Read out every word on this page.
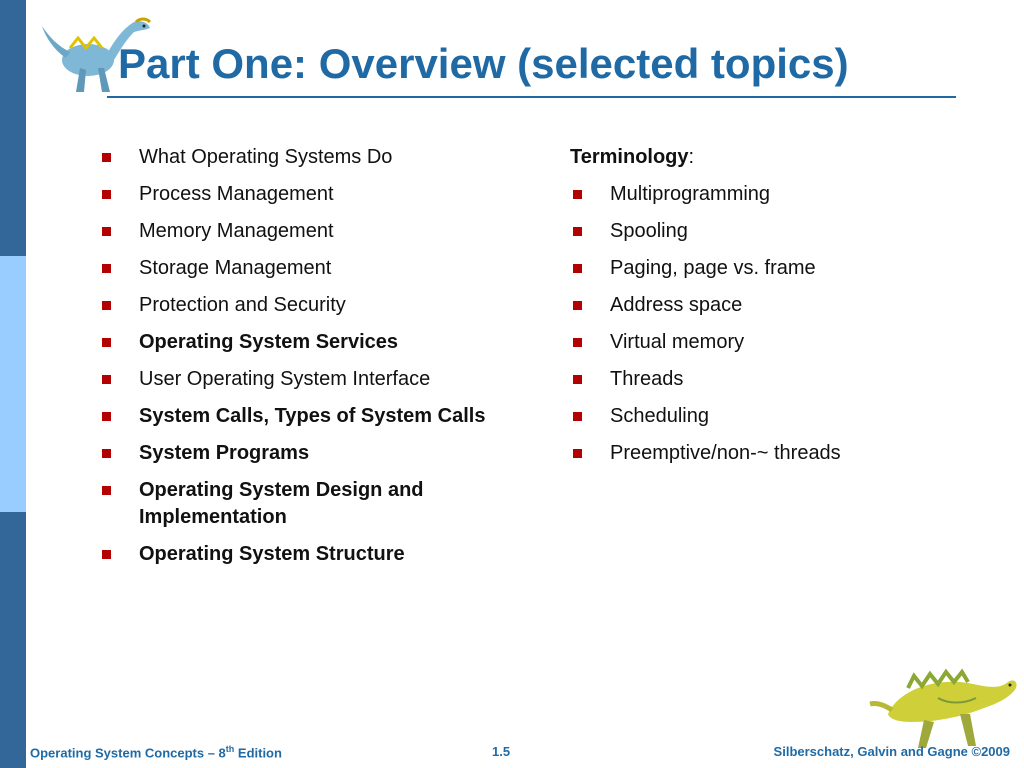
Part One: Overview (selected topics)
What Operating Systems Do
Process Management
Memory Management
Storage Management
Protection and Security
Operating System Services
User Operating System Interface
System Calls, Types of System Calls
System Programs
Operating System Design and Implementation
Operating System Structure

Terminology:

Multiprogramming
Spooling
Paging, page vs. frame
Address space
Virtual memory
Threads
Scheduling
Preemptive/non-~ threads
Operating System Concepts – 8th Edition	1.5	Silberschatz, Galvin and Gagne ©2009
